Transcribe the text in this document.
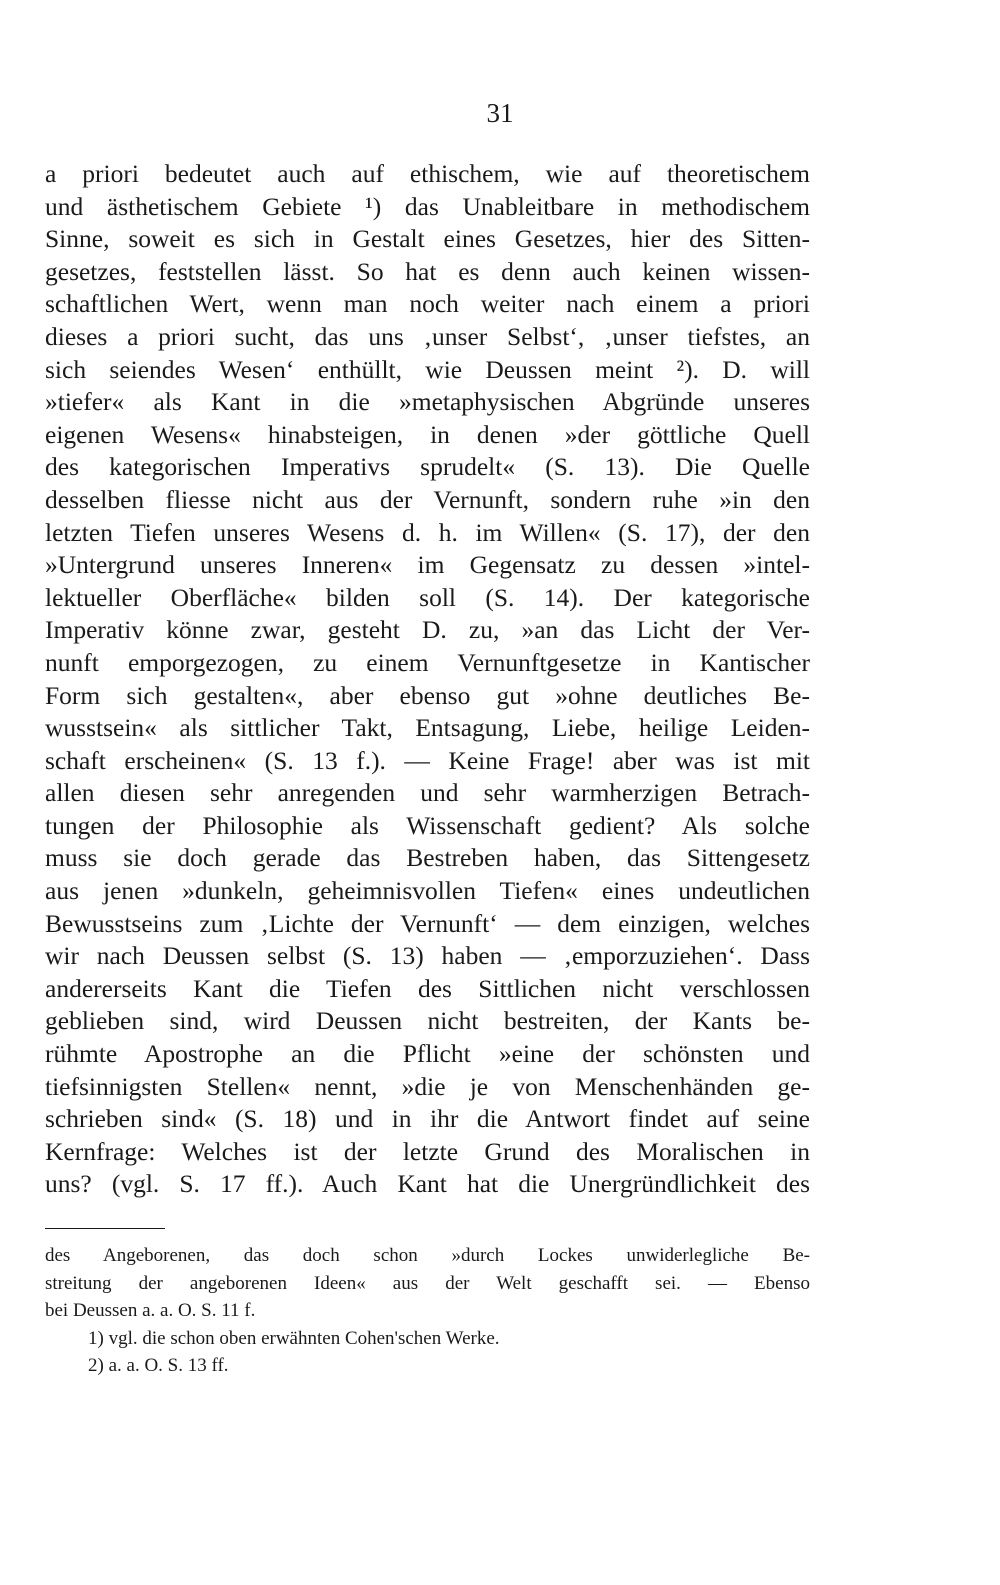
31
a priori bedeutet auch auf ethischem, wie auf theoretischem
und ästhetischem Gebiete ¹) das Unableitbare in methodischem
Sinne, soweit es sich in Gestalt eines Gesetzes, hier des Sitten-
gesetzes, feststellen lässt. So hat es denn auch keinen wissen-
schaftlichen Wert, wenn man noch weiter nach einem a priori
dieses a priori sucht, das uns ‚unser Selbst‘, ‚unser tiefstes, an
sich seiendes Wesen‘ enthüllt, wie Deussen meint ²). D. will
»tiefer« als Kant in die »metaphysischen Abgründe unseres
eigenen Wesens« hinabsteigen, in denen »der göttliche Quell
des kategorischen Imperativs sprudelt« (S. 13). Die Quelle
desselben fliesse nicht aus der Vernunft, sondern ruhe »in den
letzten Tiefen unseres Wesens d. h. im Willen« (S. 17), der den
»Untergrund unseres Inneren« im Gegensatz zu dessen »intel-
lektueller Oberfläche« bilden soll (S. 14). Der kategorische
Imperativ könne zwar, gesteht D. zu, »an das Licht der Ver-
nunft emporgezogen, zu einem Vernunftgesetze in Kantischer
Form sich gestalten«, aber ebenso gut »ohne deutliches Be-
wusstsein« als sittlicher Takt, Entsagung, Liebe, heilige Leiden-
schaft erscheinen« (S. 13 f.). — Keine Frage! aber was ist mit
allen diesen sehr anregenden und sehr warmherzigen Betrach-
tungen der Philosophie als Wissenschaft gedient? Als solche
muss sie doch gerade das Bestreben haben, das Sittengesetz
aus jenen »dunkeln, geheimnisvollen Tiefen« eines undeutlichen
Bewusstseins zum ‚Lichte der Vernunft‘ — dem einzigen, welches
wir nach Deussen selbst (S. 13) haben — ‚emporzuziehen‘. Dass
andererseits Kant die Tiefen des Sittlichen nicht verschlossen
geblieben sind, wird Deussen nicht bestreiten, der Kants be-
rühmte Apostrophe an die Pflicht »eine der schönsten und
tiefsinnigsten Stellen« nennt, »die je von Menschenhänden ge-
schrieben sind« (S. 18) und in ihr die Antwort findet auf seine
Kernfrage: Welches ist der letzte Grund des Moralischen in
uns? (vgl. S. 17 ff.). Auch Kant hat die Unergründlichkeit des
des Angeborenen, das doch schon »durch Lockes unwiderlegliche Be-
streitung der angeborenen Ideen« aus der Welt geschafft sei. — Ebenso
bei Deussen a. a. O. S. 11 f.
1) vgl. die schon oben erwähnten Cohen'schen Werke.
2) a. a. O. S. 13 ff.
